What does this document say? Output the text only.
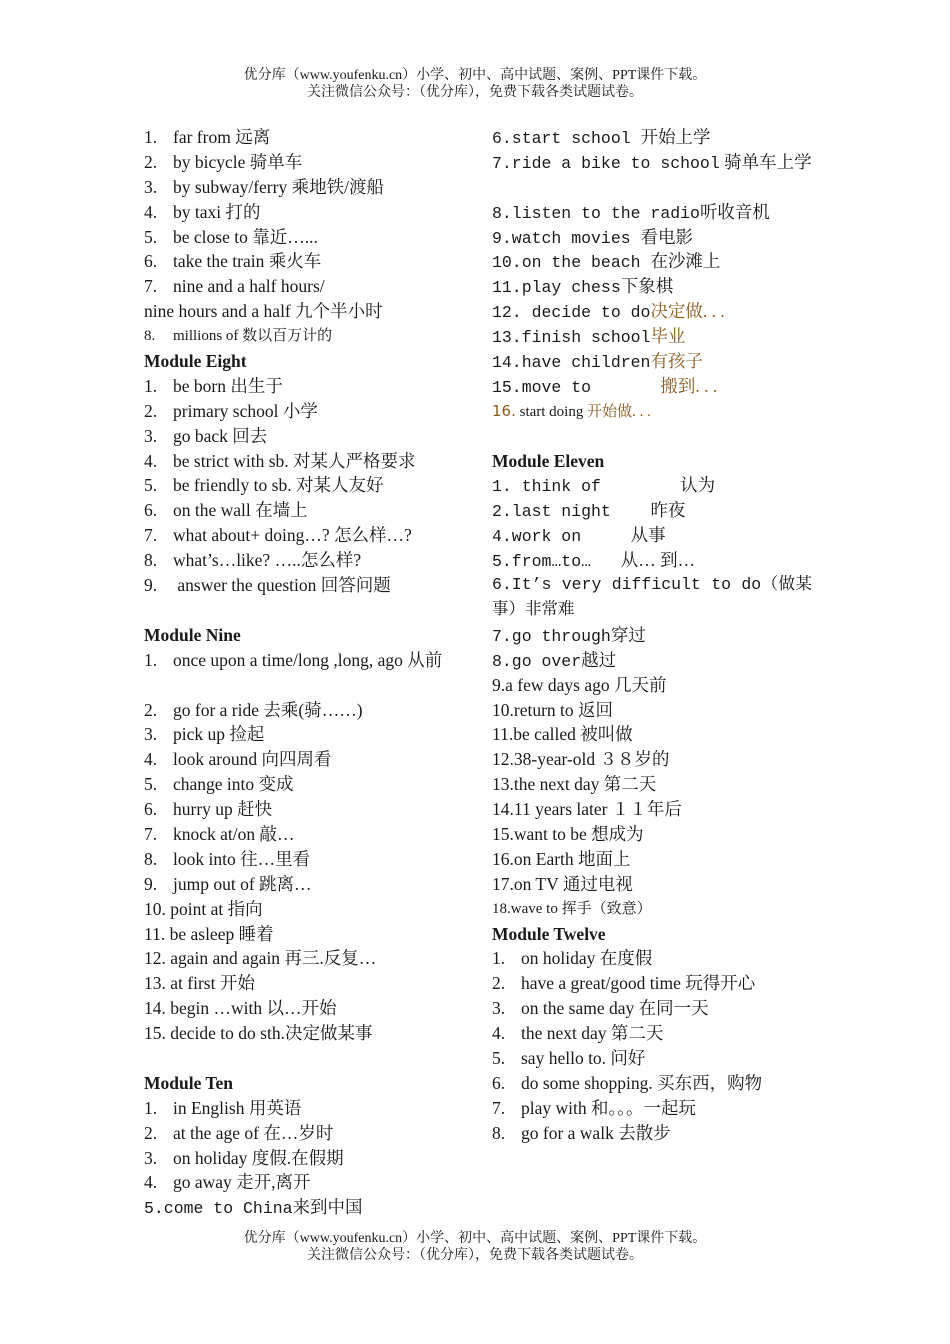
优分库（www.youfenku.cn）小学、初中、高中试题、案例、PPT课件下载。
关注微信公众号：（优分库），免费下载各类试题试卷。
1. far from 远离
2. by bicycle 骑单车
3. by subway/ferry 乘地铁/渡船
4. by taxi 打的
5. be close to 靠近…...
6. take the train 乘火车
7. nine and a half hours/
nine hours and a half 九个半小时
8. millions of 数以百万计的
Module Eight
1. be born 出生于
2. primary school 小学
3. go back 回去
4. be strict with sb. 对某人严格要求
5. be friendly to sb. 对某人友好
6. on the wall 在墙上
7. what about+ doing…? 怎么样…?
8. what’s…like? …..怎么样?
9. answer the question 回答问题
Module Nine
1. once upon a time/long ,long, ago 从前
2. go for a ride 去乘(骑……)
3. pick up 捡起
4. look around 向四周看
5. change into 变成
6. hurry up 赶快
7. knock at/on 敲…
8. look into 往…里看
9. jump out of 跳离…
10. point at 指向
11. be asleep 睡着
12. again and again 再三.反复…
13. at first 开始
14. begin …with 以…开始
15. decide to do sth.决定做某事
Module Ten
1. in English 用英语
2. at the age of 在…岁时
3. on holiday 度假.在假期
4. go away 走开,离开
5.come to China来到中国
6.start school 开始上学
7.ride a bike to school 骑单车上学
8.listen to the radio听收音机
9.watch movies 看电影
10.on the beach 在沙滩上
11.play chess下象棋
12. decide to do决定做. . .
13.finish school毕业
14.have children有孩子
15.move to       搬到. . .
16. start doing 开始做. . .
Module Eleven
1. think of        认为
2.last night    昨夜
4.work on     从事
5.from…to…   从… 到…
6.It’s very difficult to do（做某事）非常难
7.go through穿过
8.go over越过
9.a few days ago 几天前
10.return to 返回
11.be called 被叫做
12.38-year-old ３８岁的
13.the next day 第二天
14.11 years later １１年后
15.want to be 想成为
16.on Earth 地面上
17.on TV 通过电视
18.wave to 挥手（致意）
Module Twelve
1. on holiday 在度假
2. have a great/good time 玩得开心
3. on the same day 在同一天
4. the next day 第二天
5. say hello to. 问好
6. do some shopping. 买东西，购物
7. play with 和。。。一起玩
8. go for a walk 去散步
优分库（www.youfenku.cn）小学、初中、高中试题、案例、PPT课件下载。
关注微信公众号：（优分库），免费下载各类试题试卷。
